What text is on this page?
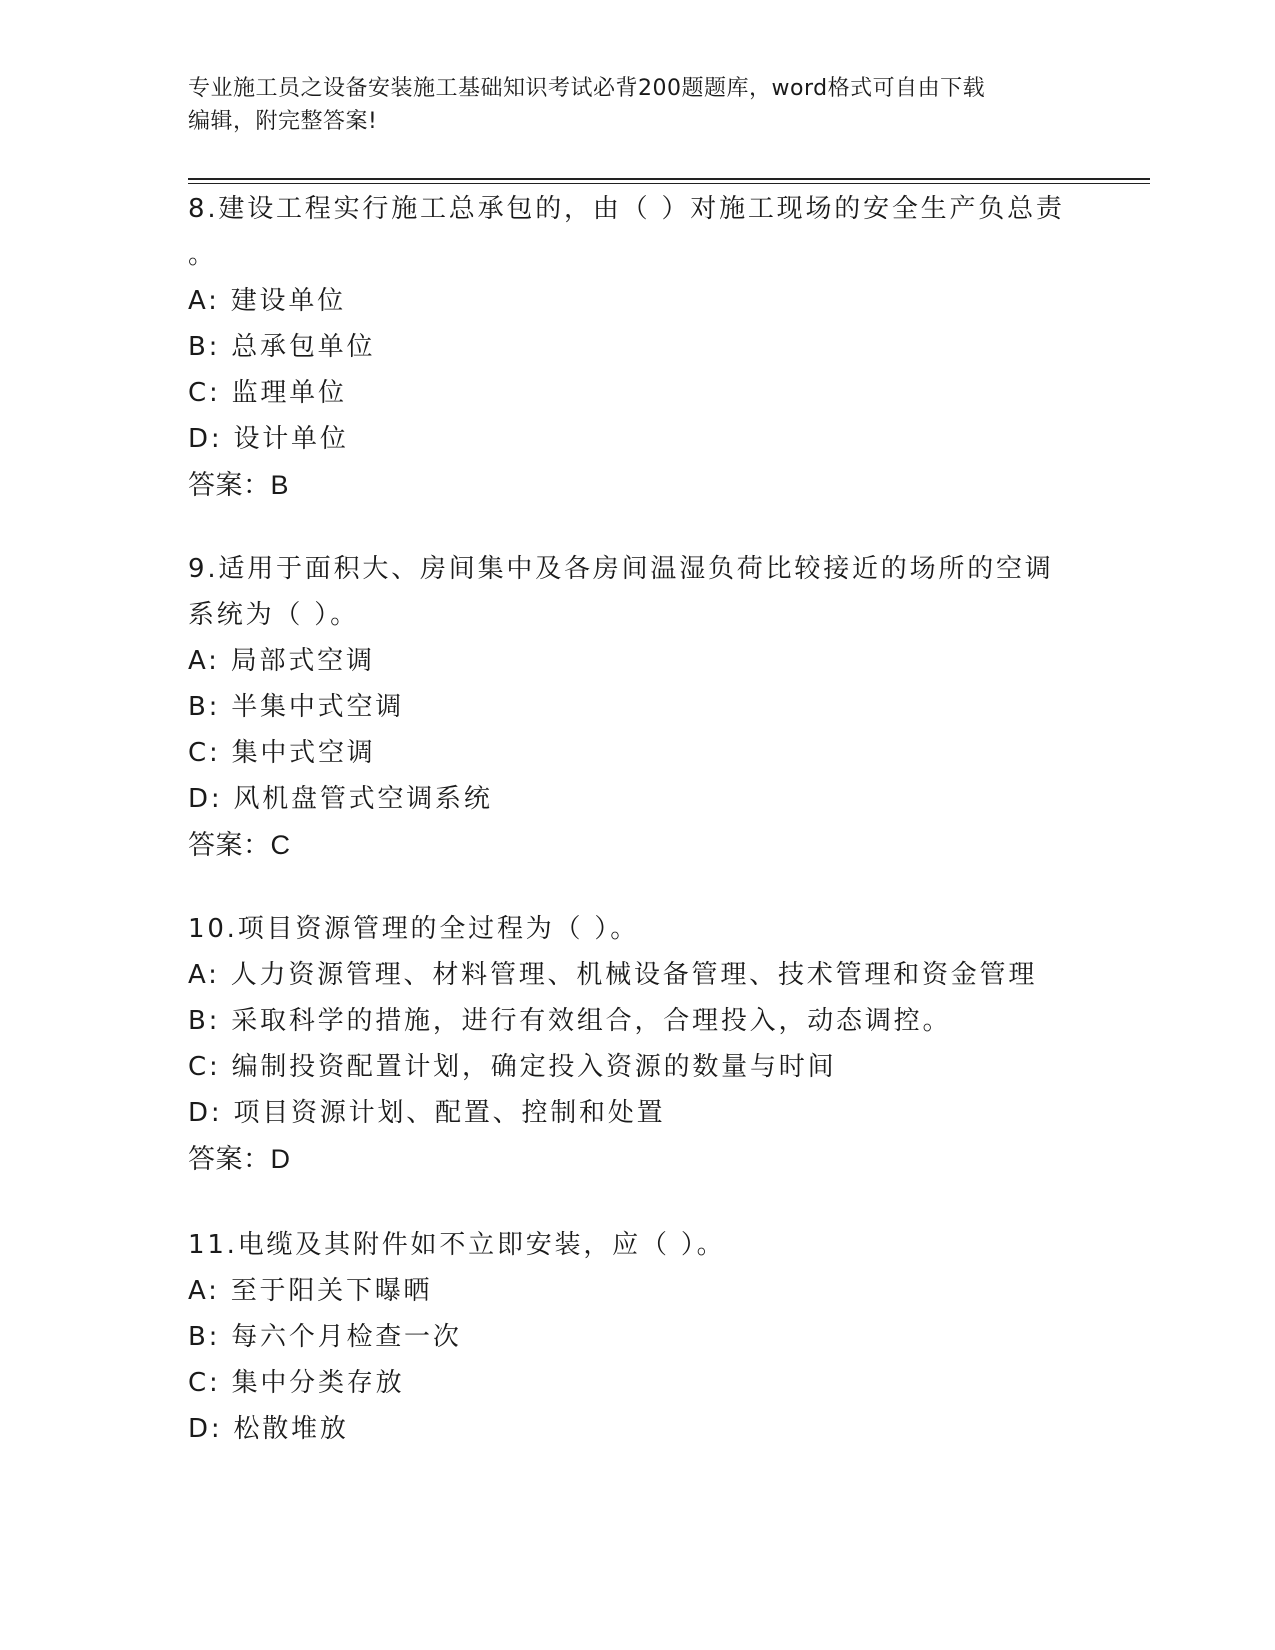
专业施工员之设备安装施工基础知识考试必背200题题库，word格式可自由下载
编辑，附完整答案!
8.建设工程实行施工总承包的，由（ ）对施工现场的安全生产负总责
。
A: 建设单位
B: 总承包单位
C: 监理单位
D: 设计单位
答案：B
9.适用于面积大、房间集中及各房间温湿负荷比较接近的场所的空调
系统为（ ）。
A: 局部式空调
B: 半集中式空调
C: 集中式空调
D: 风机盘管式空调系统
答案：C
10.项目资源管理的全过程为（ ）。
A: 人力资源管理、材料管理、机械设备管理、技术管理和资金管理
B: 采取科学的措施，进行有效组合，合理投入，动态调控。
C: 编制投资配置计划，确定投入资源的数量与时间
D: 项目资源计划、配置、控制和处置
答案：D
11.电缆及其附件如不立即安装，应（ ）。
A: 至于阳关下曝晒
B: 每六个月检查一次
C: 集中分类存放
D: 松散堆放
